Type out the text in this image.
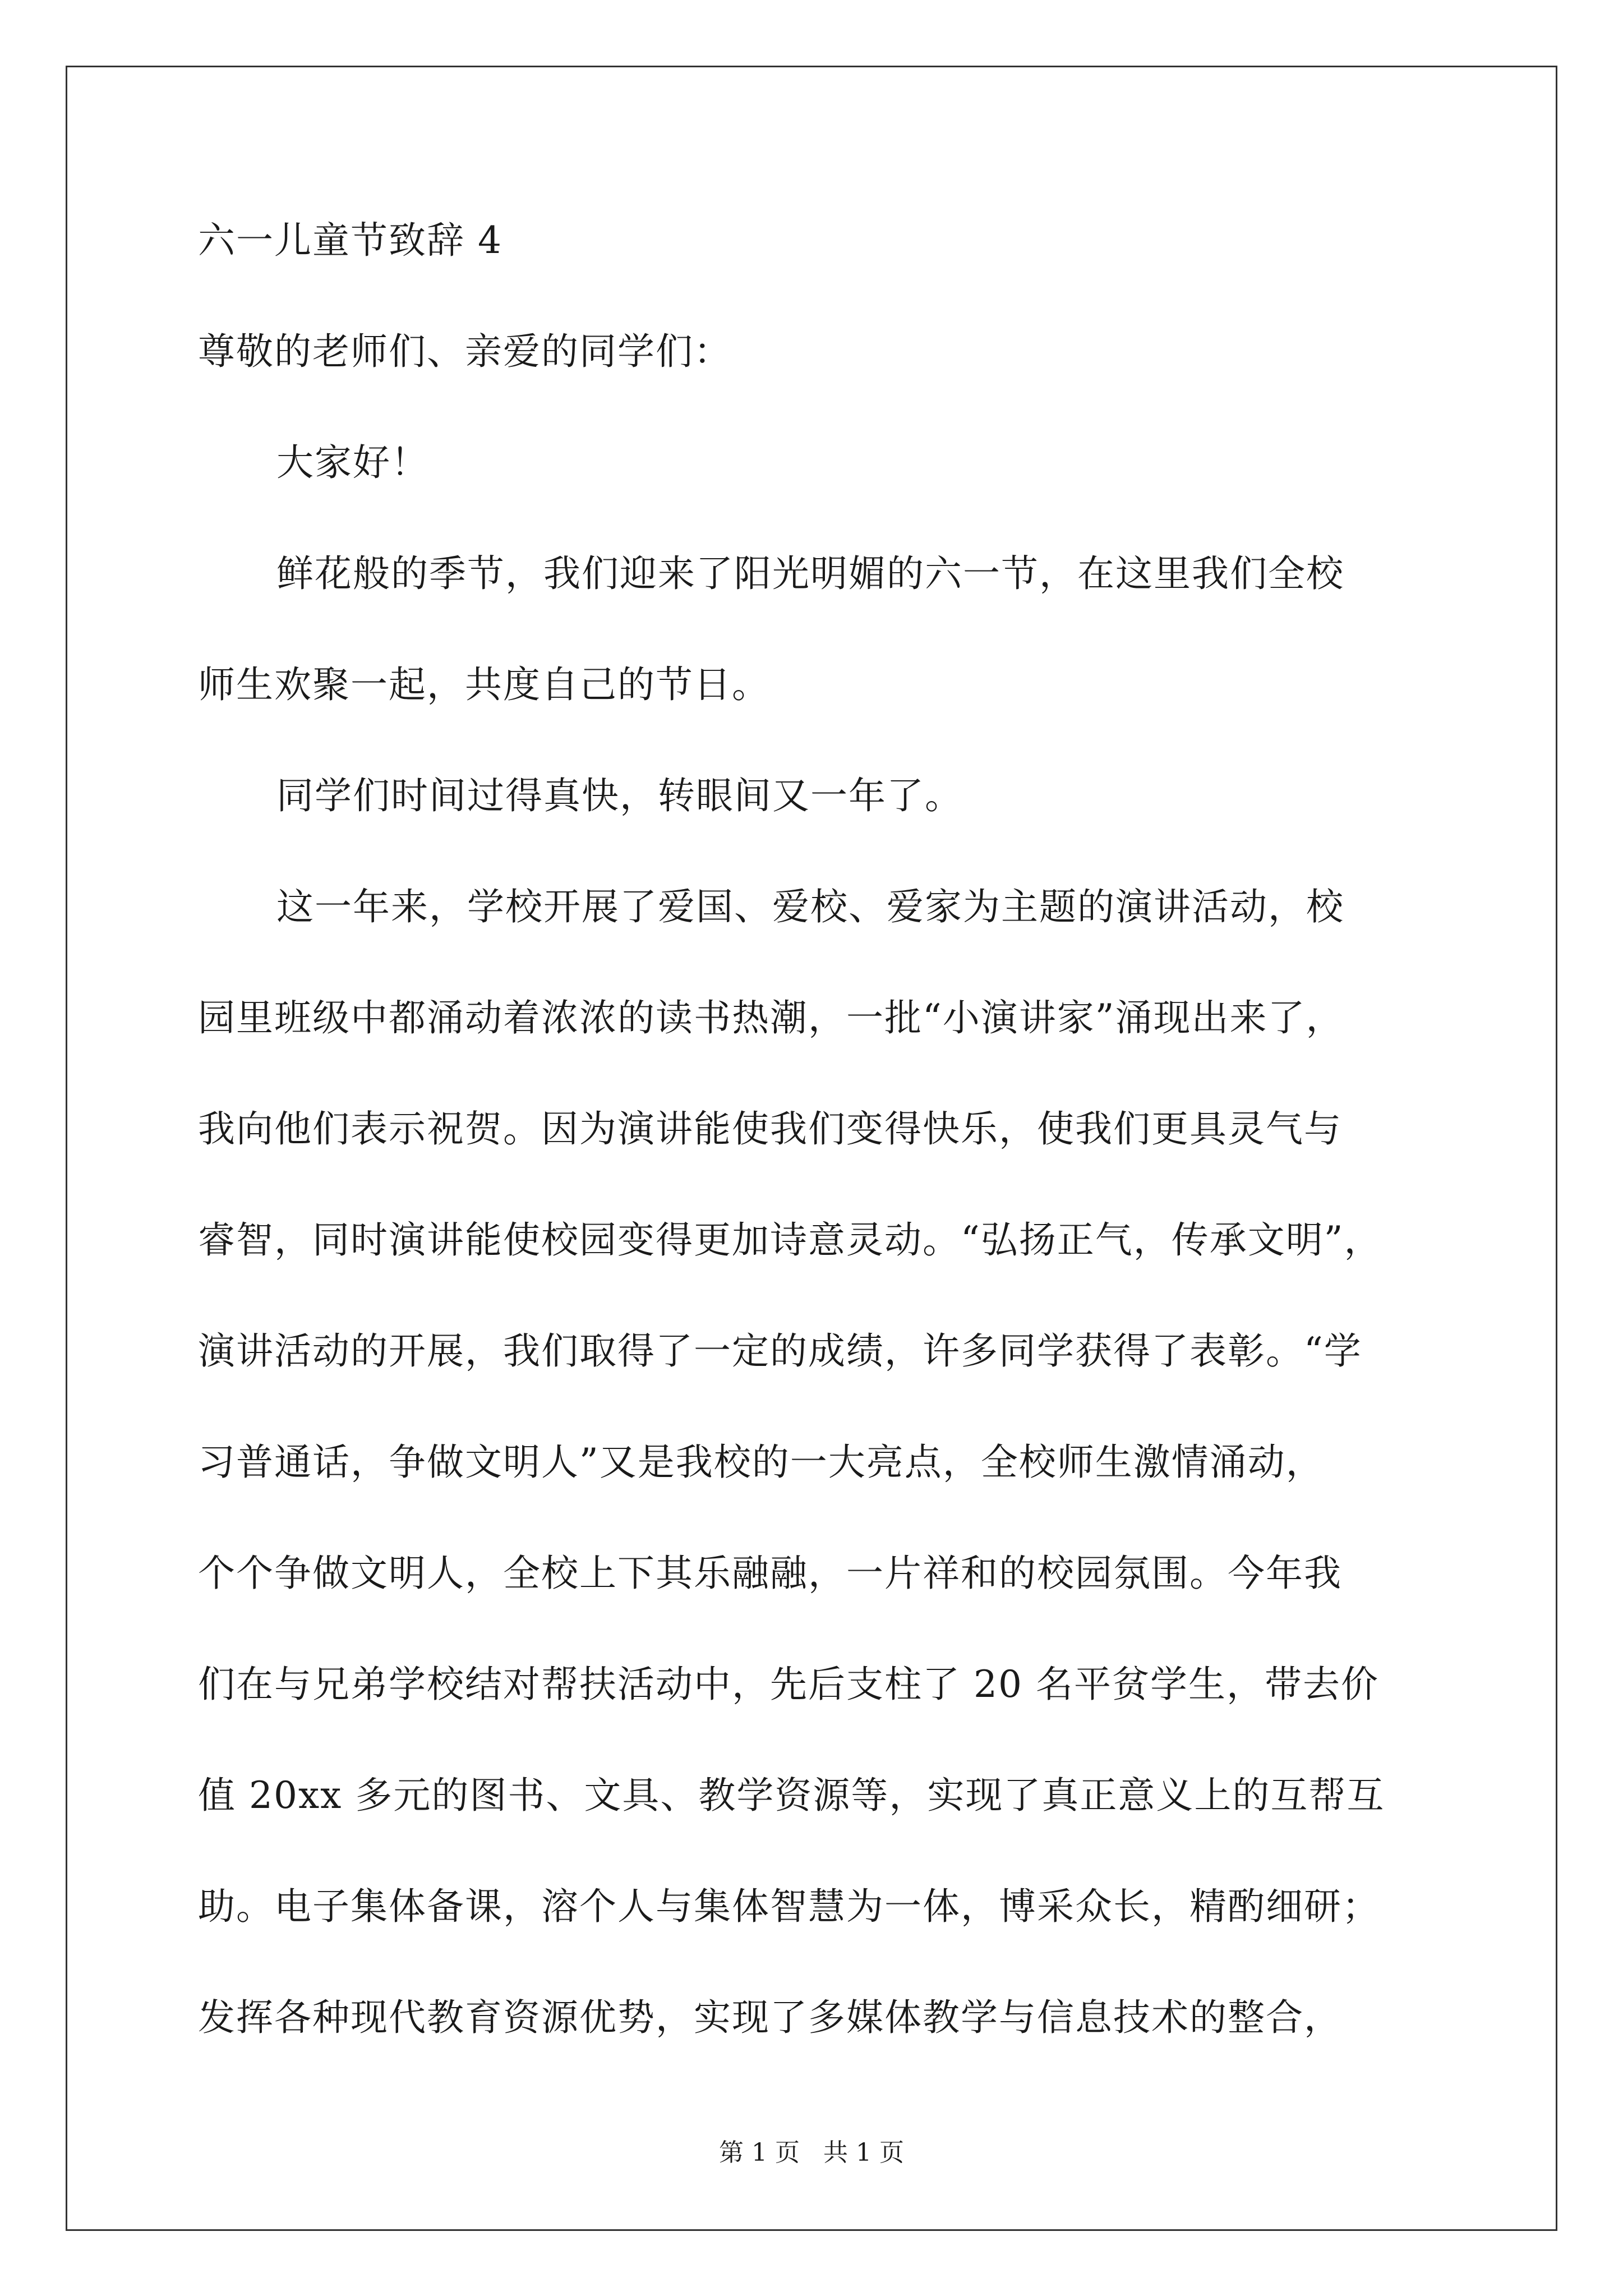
六一儿童节致辞 4
尊敬的老师们、亲爱的同学们：
大家好！
鲜花般的季节，我们迎来了阳光明媚的六一节，在这里我们全校
师生欢聚一起，共度自己的节日。
同学们时间过得真快，转眼间又一年了。
这一年来，学校开展了爱国、爱校、爱家为主题的演讲活动，校
园里班级中都涌动着浓浓的读书热潮，一批“小演讲家”涌现出来了，
我向他们表示祝贺。因为演讲能使我们变得快乐，使我们更具灵气与
睿智，同时演讲能使校园变得更加诗意灵动。“弘扬正气，传承文明”，
演讲活动的开展，我们取得了一定的成绩，许多同学获得了表彰。“学
习普通话，争做文明人”又是我校的一大亮点，全校师生激情涌动，
个个争做文明人，全校上下其乐融融，一片祥和的校园氛围。今年我
们在与兄弟学校结对帮扶活动中，先后支柱了 20 名平贫学生，带去价
值 20xx 多元的图书、文具、教学资源等，实现了真正意义上的互帮互
助。电子集体备课，溶个人与集体智慧为一体，博采众长，精酌细研；
发挥各种现代教育资源优势，实现了多媒体教学与信息技术的整合，
第 1 页   共 1 页
